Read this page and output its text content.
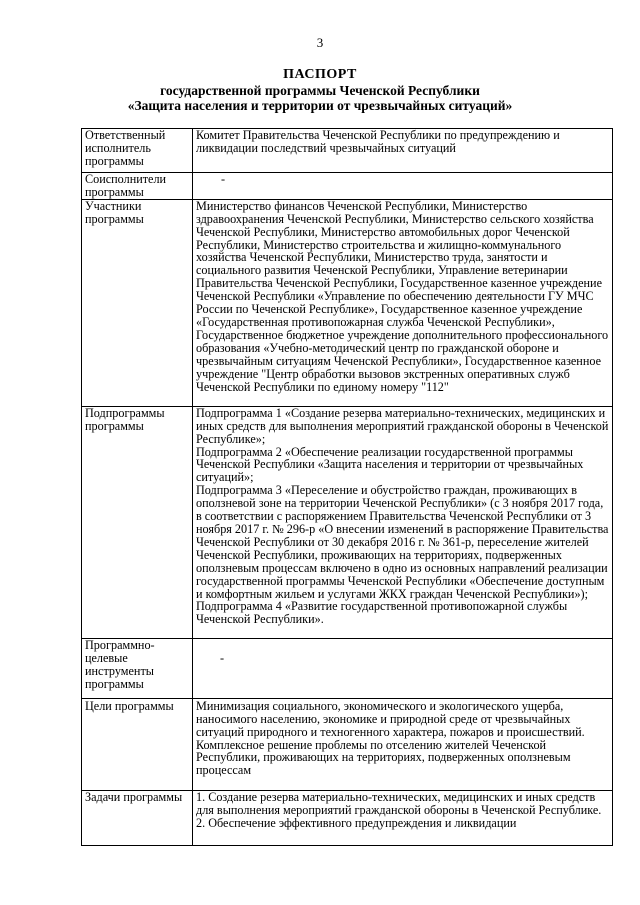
3
ПАСПОРТ
государственной программы Чеченской Республики
«Защита населения и территории от чрезвычайных ситуаций»
Ответственный исполнитель программы	Комитет Правительства Чеченской Республики по предупреждению и ликвидации последствий чрезвычайных ситуаций

Соисполнители программы	-

Участники программы	Министерство финансов Чеченской Республики, Министерство здравоохранения Чеченской Республики, Министерство сельского хозяйства Чеченской Республики, Министерство автомобильных дорог Чеченской Республики, Министерство строительства и жилищно-коммунального хозяйства Чеченской Республики, Министерство труда, занятости и социального развития Чеченской Республики, Управление ветеринарии Правительства Чеченской Республики, Государственное казенное учреждение Чеченской Республики «Управление по обеспечению деятельности ГУ МЧС России по Чеченской Республике», Государственное казенное учреждение «Государственная противопожарная служба Чеченской Республики», Государственное бюджетное учреждение дополнительного профессионального образования «Учебно-методический центр по гражданской обороне и чрезвычайным ситуациям Чеченской Республики», Государственное казенное учреждение "Центр обработки вызовов экстренных оперативных служб Чеченской Республики по единому номеру "112"

Подпрограммы программы	Подпрограмма 1 «Создание резерва материально-технических, медицинских и иных средств для выполнения мероприятий гражданской обороны в Чеченской Республике»;
Подпрограмма 2 «Обеспечение реализации государственной программы Чеченской Республики «Защита населения и территории от чрезвычайных ситуаций»;
Подпрограмма 3 «Переселение и обустройство граждан, проживающих в оползневой зоне на территории Чеченской Республики» (с 3 ноября 2017 года, в соответствии с распоряжением Правительства Чеченской Республики от 3 ноября 2017 г. № 296-р «О внесении изменений в распоряжение Правительства Чеченской Республики от 30 декабря 2016 г. № 361-р, переселение жителей Чеченской Республики, проживающих на территориях, подверженных оползневым процессам включено в одно из основных направлений реализации государственной программы Чеченской Республики «Обеспечение доступным и комфортным жильем и услугами ЖКХ граждан Чеченской Республики»);
Подпрограмма 4 «Развитие государственной противопожарной службы Чеченской Республики».

Программно-целевые инструменты программы	-

Цели программы	Минимизация социального, экономического и экологического ущерба, наносимого населению, экономике и природной среде от чрезвычайных ситуаций природного и техногенного характера, пожаров и происшествий.
Комплексное решение проблемы по отселению жителей Чеченской Республики, проживающих на территориях, подверженных оползневым процессам

Задачи программы	1. Создание резерва материально-технических, медицинских и иных средств для выполнения мероприятий гражданской обороны в Чеченской Республике.
2. Обеспечение эффективного предупреждения и ликвидации
